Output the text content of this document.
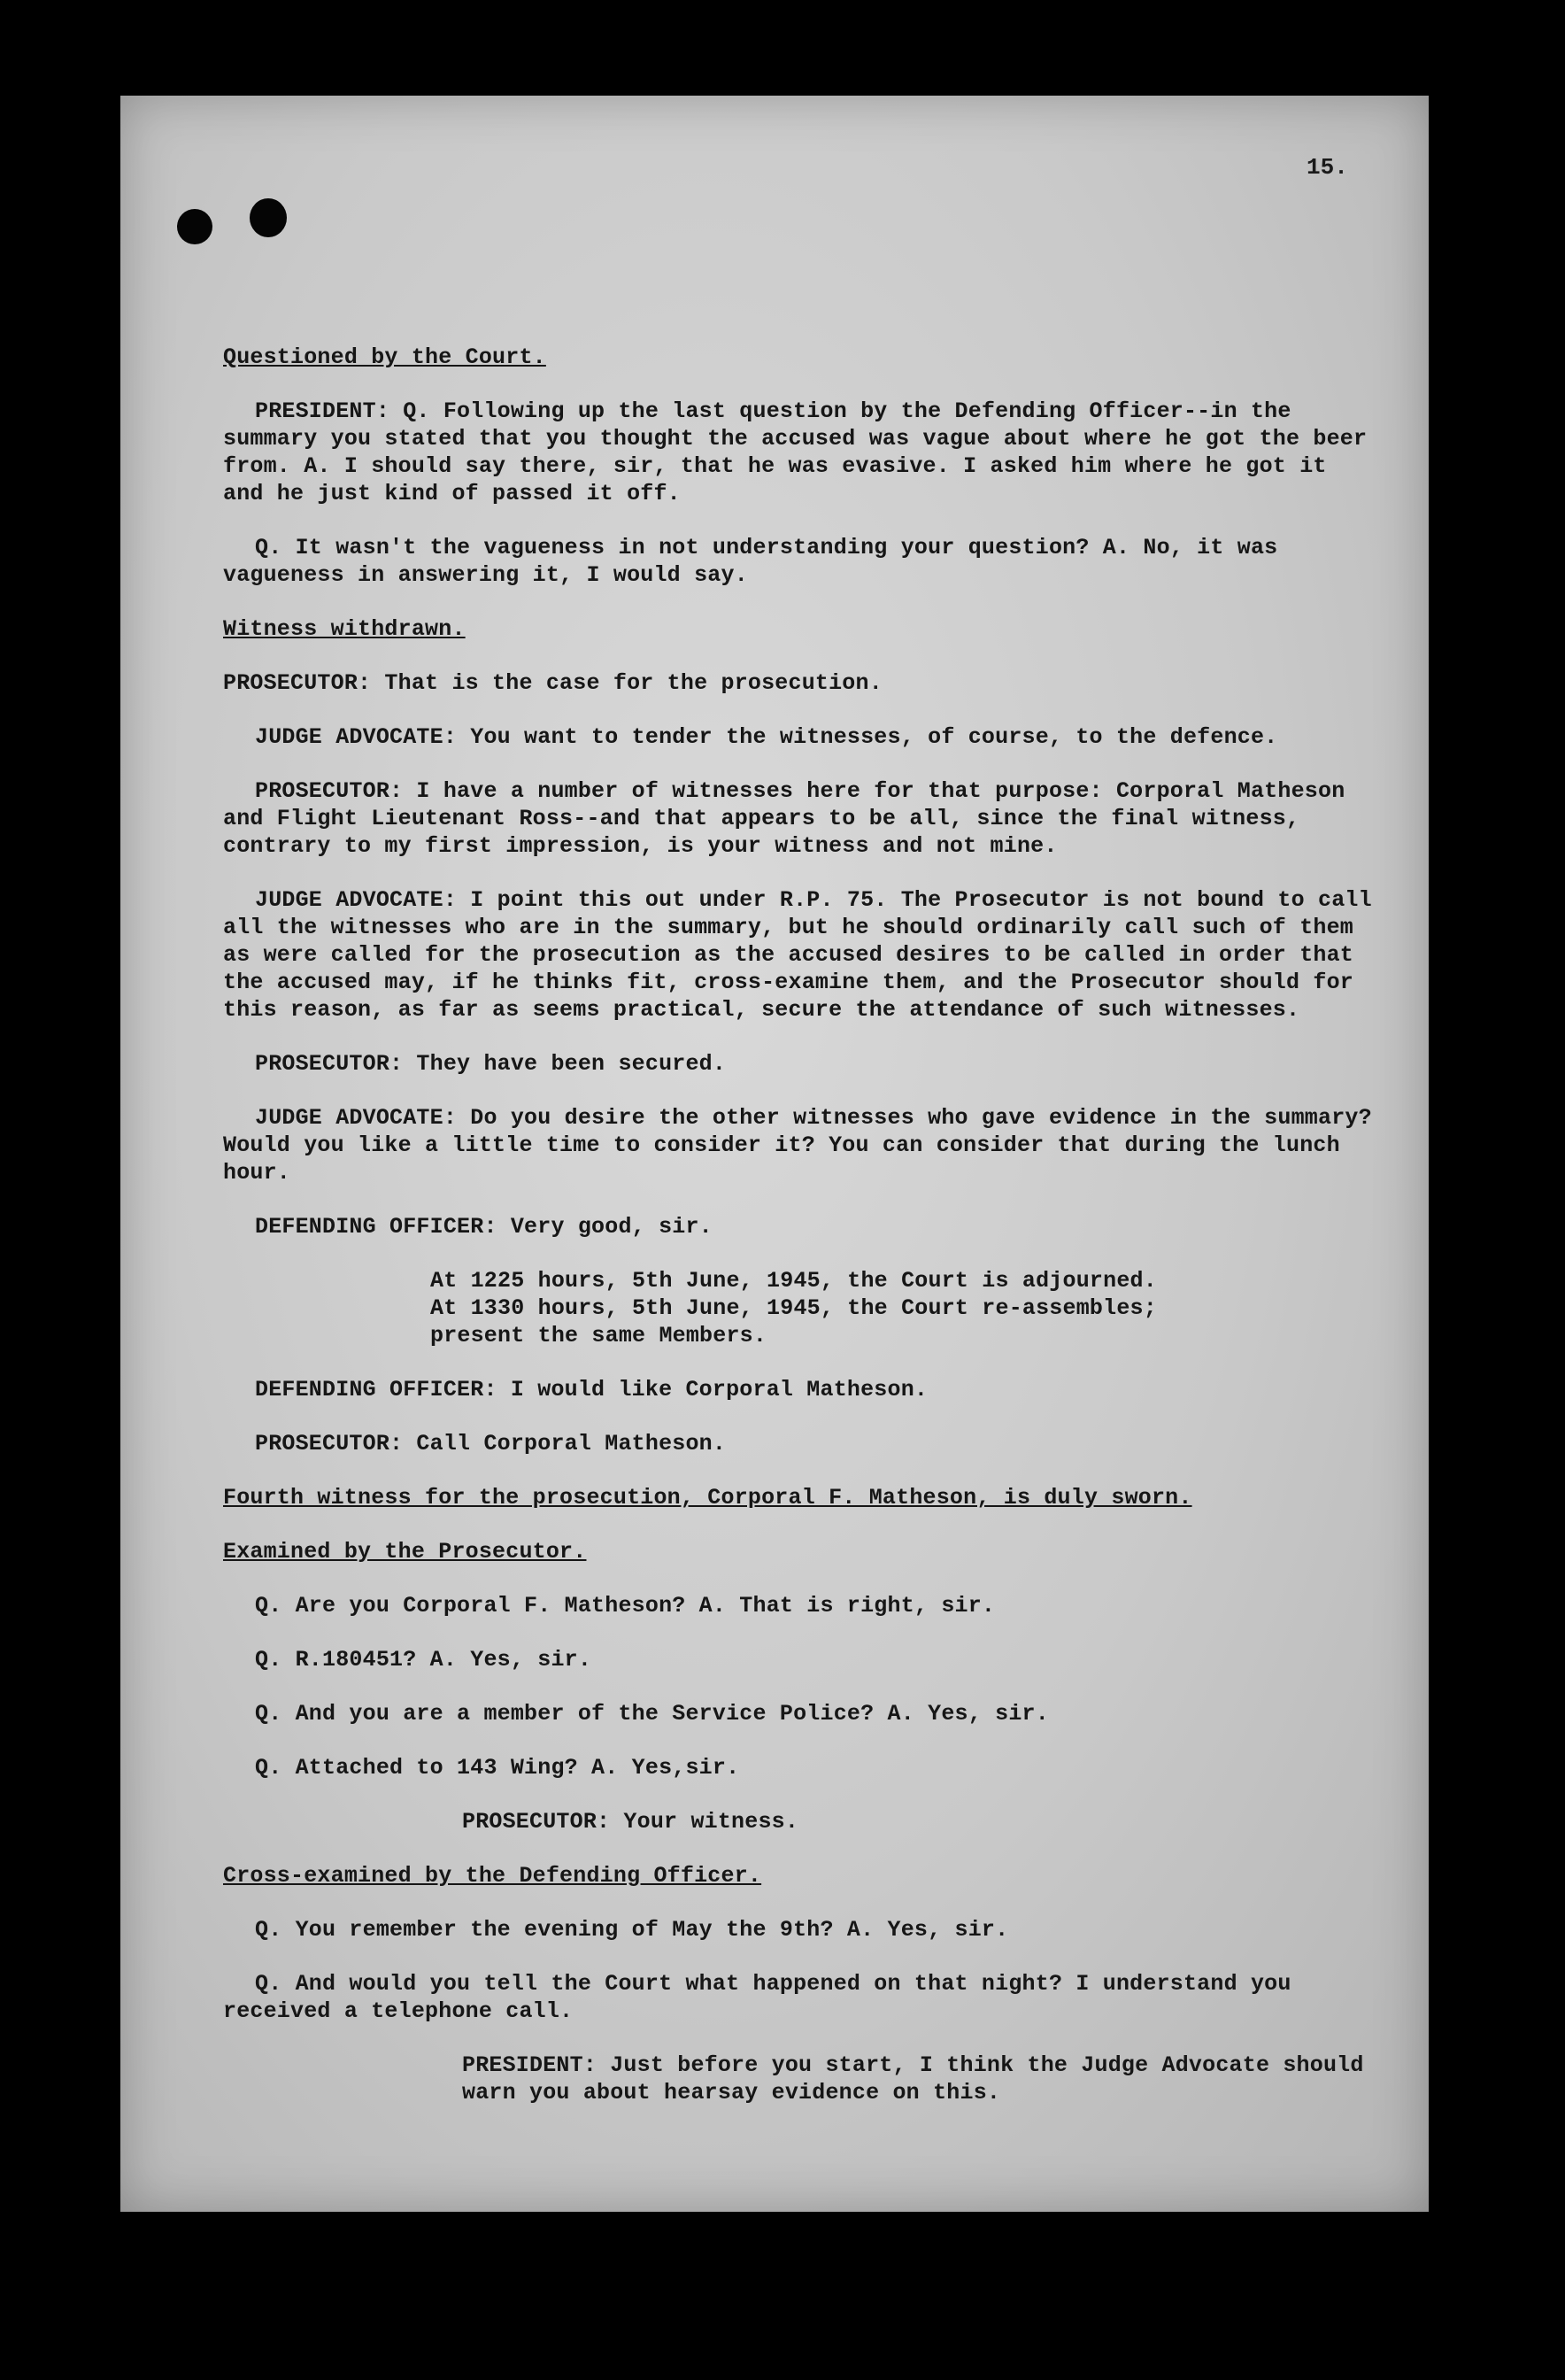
15.

Questioned by the Court.

PRESIDENT: Q. Following up the last question by the Defending Officer--in the summary you stated that you thought the accused was vague about where he got the beer from. A. I should say there, sir, that he was evasive. I asked him where he got it and he just kind of passed it off.

Q. It wasn't the vagueness in not understanding your question? A. No, it was vagueness in answering it, I would say.

Witness withdrawn.

PROSECUTOR: That is the case for the prosecution.

JUDGE ADVOCATE: You want to tender the witnesses, of course, to the defence.

PROSECUTOR: I have a number of witnesses here for that purpose: Corporal Matheson and Flight Lieutenant Ross--and that appears to be all, since the final witness, contrary to my first impression, is your witness and not mine.

JUDGE ADVOCATE: I point this out under R.P. 75. The Prosecutor is not bound to call all the witnesses who are in the summary, but he should ordinarily call such of them as were called for the prosecution as the accused desires to be called in order that the accused may, if he thinks fit, cross-examine them, and the Prosecutor should for this reason, as far as seems practical, secure the attendance of such witnesses.

PROSECUTOR: They have been secured.

JUDGE ADVOCATE: Do you desire the other witnesses who gave evidence in the summary? Would you like a little time to consider it? You can consider that during the lunch hour.

DEFENDING OFFICER: Very good, sir.

At 1225 hours, 5th June, 1945, the Court is adjourned.
At 1330 hours, 5th June, 1945, the Court re-assembles;
present the same Members.

DEFENDING OFFICER: I would like Corporal Matheson.

PROSECUTOR: Call Corporal Matheson.

Fourth witness for the prosecution, Corporal F. Matheson, is duly sworn.

Examined by the Prosecutor.

Q. Are you Corporal F. Matheson? A. That is right, sir.

Q. R.180451? A. Yes, sir.

Q. And you are a member of the Service Police? A. Yes, sir.

Q. Attached to 143 Wing? A. Yes,sir.

PROSECUTOR: Your witness.

Cross-examined by the Defending Officer.

Q. You remember the evening of May the 9th? A. Yes, sir.

Q. And would you tell the Court what happened on that night? I understand you received a telephone call.

PRESIDENT: Just before you start, I think the Judge Advocate should warn you about hearsay evidence on this.
